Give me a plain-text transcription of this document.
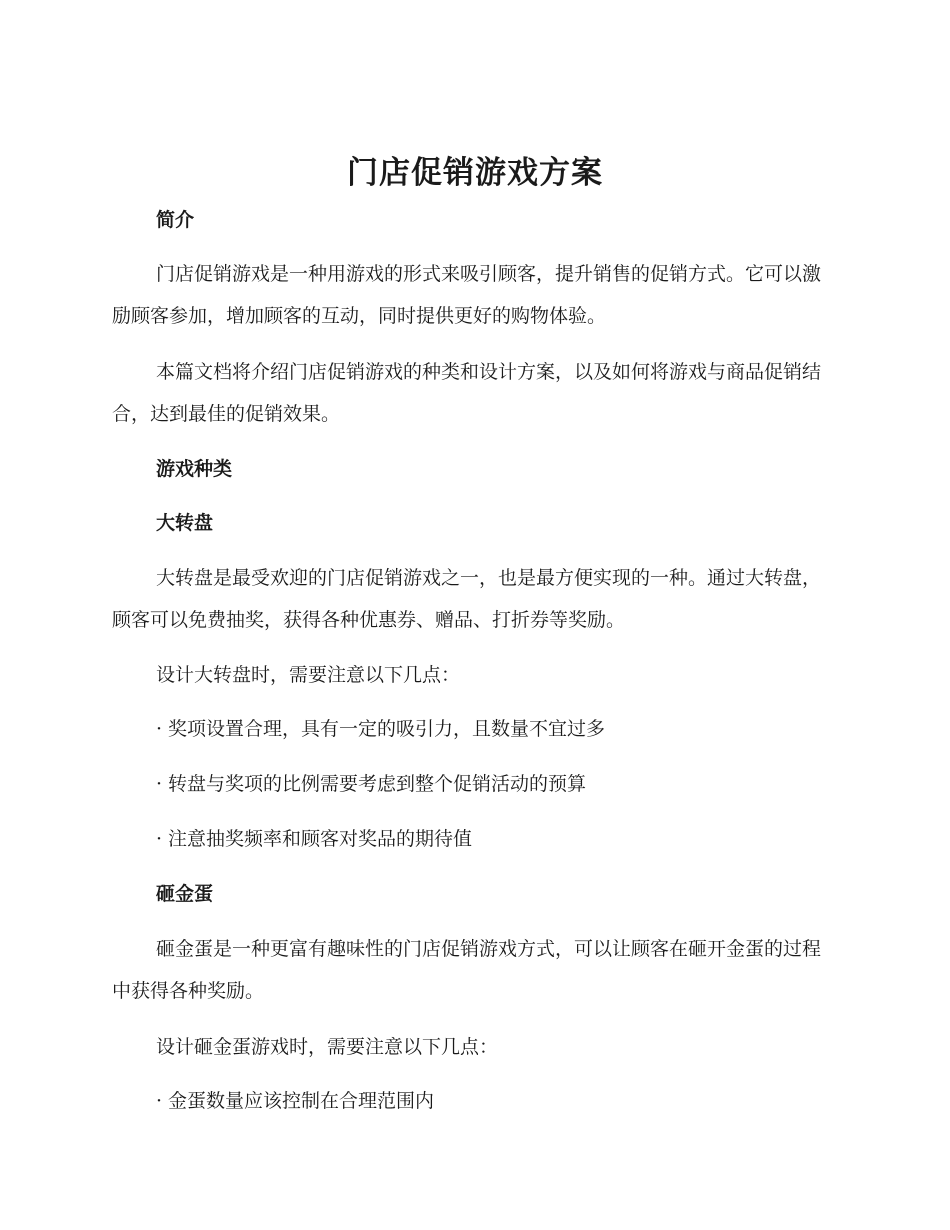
门店促销游戏方案
简介

门店促销游戏是一种用游戏的形式来吸引顾客，提升销售的促销方式。它可以激励顾客参加，增加顾客的互动，同时提供更好的购物体验。

本篇文档将介绍门店促销游戏的种类和设计方案，以及如何将游戏与商品促销结合，达到最佳的促销效果。

游戏种类
大转盘

大转盘是最受欢迎的门店促销游戏之一，也是最方便实现的一种。通过大转盘，顾客可以免费抽奖，获得各种优惠券、赠品、打折券等奖励。

设计大转盘时，需要注意以下几点：

· 奖项设置合理，具有一定的吸引力，且数量不宜过多

· 转盘与奖项的比例需要考虑到整个促销活动的预算

· 注意抽奖频率和顾客对奖品的期待值

砸金蛋

砸金蛋是一种更富有趣味性的门店促销游戏方式，可以让顾客在砸开金蛋的过程中获得各种奖励。

设计砸金蛋游戏时，需要注意以下几点：

· 金蛋数量应该控制在合理范围内
